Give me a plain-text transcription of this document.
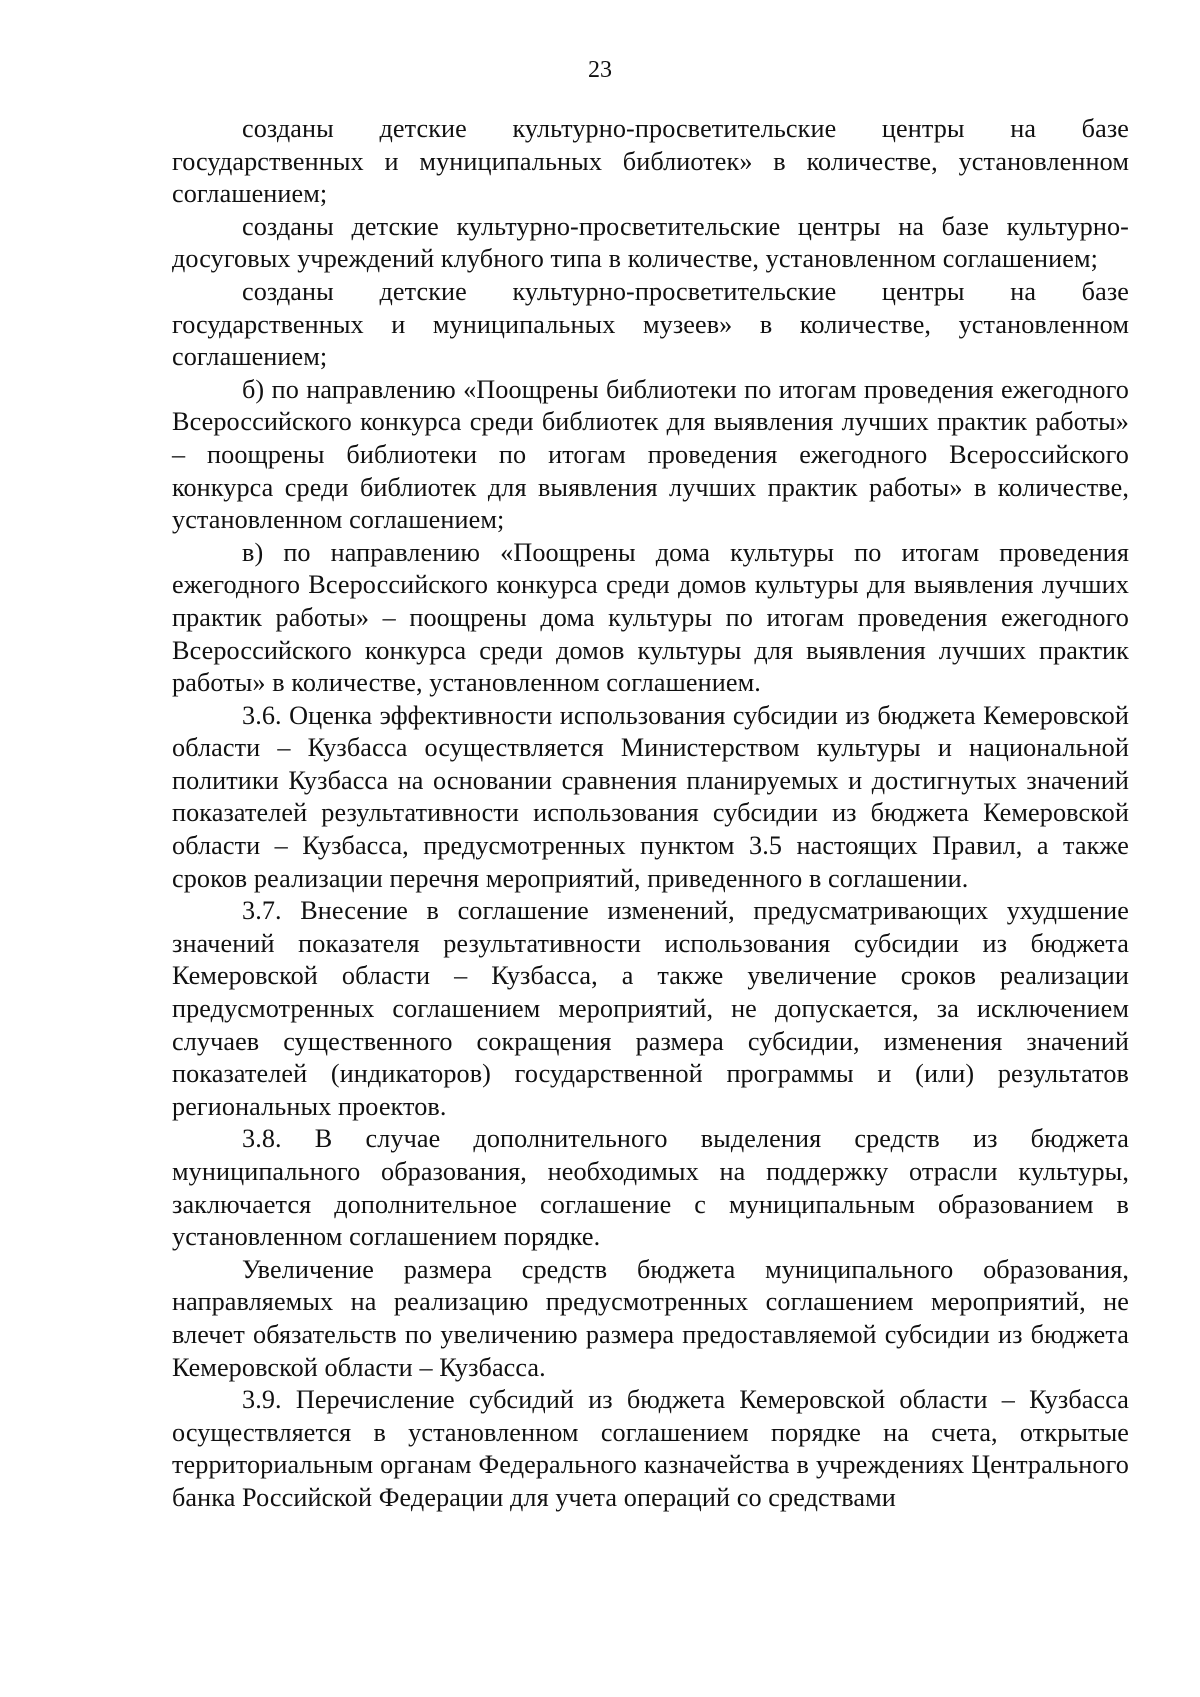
23

созданы детские культурно-просветительские центры на базе государственных и муниципальных библиотек» в количестве, установленном соглашением;

созданы детские культурно-просветительские центры на базе культурно-досуговых учреждений клубного типа в количестве, установленном соглашением;

созданы детские культурно-просветительские центры на базе государственных и муниципальных музеев» в количестве, установленном соглашением;

б) по направлению «Поощрены библиотеки по итогам проведения ежегодного Всероссийского конкурса среди библиотек для выявления лучших практик работы» – поощрены библиотеки по итогам проведения ежегодного Всероссийского конкурса среди библиотек для выявления лучших практик работы» в количестве, установленном соглашением;

в) по направлению «Поощрены дома культуры по итогам проведения ежегодного Всероссийского конкурса среди домов культуры для выявления лучших практик работы» – поощрены дома культуры по итогам проведения ежегодного Всероссийского конкурса среди домов культуры для выявления лучших практик работы» в количестве, установленном соглашением.

3.6. Оценка эффективности использования субсидии из бюджета Кемеровской области – Кузбасса осуществляется Министерством культуры и национальной политики Кузбасса на основании сравнения планируемых и достигнутых значений показателей результативности использования субсидии из бюджета Кемеровской области – Кузбасса, предусмотренных пунктом 3.5 настоящих Правил, а также сроков реализации перечня мероприятий, приведенного в соглашении.

3.7. Внесение в соглашение изменений, предусматривающих ухудшение значений показателя результативности использования субсидии из бюджета Кемеровской области – Кузбасса, а также увеличение сроков реализации предусмотренных соглашением мероприятий, не допускается, за исключением случаев существенного сокращения размера субсидии, изменения значений показателей (индикаторов) государственной программы и (или) результатов региональных проектов.

3.8. В случае дополнительного выделения средств из бюджета муниципального образования, необходимых на поддержку отрасли культуры, заключается дополнительное соглашение с муниципальным образованием в установленном соглашением порядке.

Увеличение размера средств бюджета муниципального образования, направляемых на реализацию предусмотренных соглашением мероприятий, не влечет обязательств по увеличению размера предоставляемой субсидии из бюджета Кемеровской области – Кузбасса.

3.9. Перечисление субсидий из бюджета Кемеровской области – Кузбасса осуществляется в установленном соглашением порядке на счета, открытые территориальным органам Федерального казначейства в учреждениях Центрального банка Российской Федерации для учета операций со средствами
